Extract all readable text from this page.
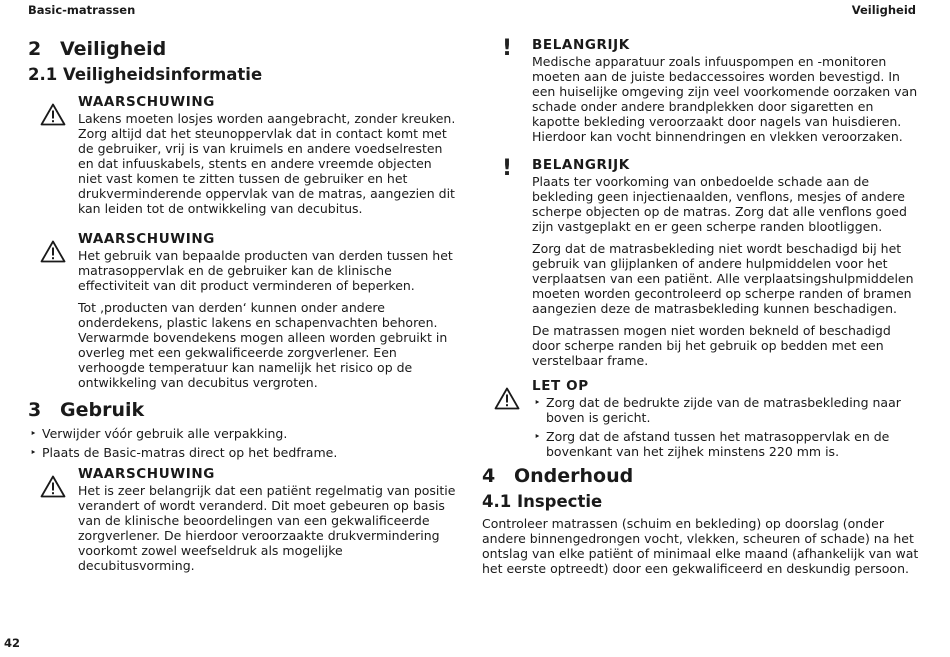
Basic-matrassen	Veiligheid
2 Veiligheid
2.1 Veiligheidsinformatie
WAARSCHUWING

Lakens moeten losjes worden aangebracht, zonder kreuken. Zorg altijd dat het steunoppervlak dat in contact komt met de gebruiker, vrij is van kruimels en andere voedselresten en dat infuuskabels, stents en andere vreemde objecten niet vast komen te zitten tussen de gebruiker en het drukverminderende oppervlak van de matras, aangezien dit kan leiden tot de ontwikkeling van decubitus.

WAARSCHUWING

Het gebruik van bepaalde producten van derden tussen het matrasoppervlak en de gebruiker kan de klinische effectiviteit van dit product verminderen of beperken.

Tot ‚producten van derden‘ kunnen onder andere onderdekens, plastic lakens en schapenvachten behoren. Verwarmde bovendekens mogen alleen worden gebruikt in overleg met een gekwalificeerde zorgverlener. Een verhoogde temperatuur kan namelijk het risico op de ontwikkeling van decubitus vergroten.

3 Gebruik
‣ Verwijder vóór gebruik alle verpakking.
‣ Plaats de Basic-matras direct op het bedframe.
WAARSCHUWING

Het is zeer belangrijk dat een patiënt regelmatig van positie verandert of wordt veranderd. Dit moet gebeuren op basis van de klinische beoordelingen van een gekwalificeerde zorgverlener. De hierdoor veroorzaakte drukvermindering voorkomt zowel weefseldruk als mogelijke decubitusvorming.

! BELANGRIJK

Medische apparatuur zoals infuuspompen en -monitoren moeten aan de juiste bedaccessoires worden bevestigd. In een huiselijke omgeving zijn veel voorkomende oorzaken van schade onder andere brandplekken door sigaretten en kapotte bekleding veroorzaakt door nagels van huisdieren. Hierdoor kan vocht binnendringen en vlekken veroorzaken.

! BELANGRIJK

Plaats ter voorkoming van onbedoelde schade aan de bekleding geen injectienaalden, venflons, mesjes of andere scherpe objecten op de matras. Zorg dat alle venflons goed zijn vastgeplakt en er geen scherpe randen blootliggen.

Zorg dat de matrasbekleding niet wordt beschadigd bij het gebruik van glijplanken of andere hulpmiddelen voor het verplaatsen van een patiënt. Alle verplaatsingshulpmiddelen moeten worden gecontroleerd op scherpe randen of bramen aangezien deze de matrasbekleding kunnen beschadigen.

De matrassen mogen niet worden bekneld of beschadigd door scherpe randen bij het gebruik op bedden met een verstelbaar frame.

LET OP
‣ Zorg dat de bedrukte zijde van de matrasbekleding naar boven is gericht.
‣ Zorg dat de afstand tussen het matrasoppervlak en de bovenkant van het zijhek minstens 220 mm is.
4 Onderhoud
4.1 Inspectie

Controleer matrassen (schuim en bekleding) op doorslag (onder andere binnengedrongen vocht, vlekken, scheuren of schade) na het ontslag van elke patiënt of minimaal elke maand (afhankelijk van wat het eerste optreedt) door een gekwalificeerd en deskundig persoon.

42
